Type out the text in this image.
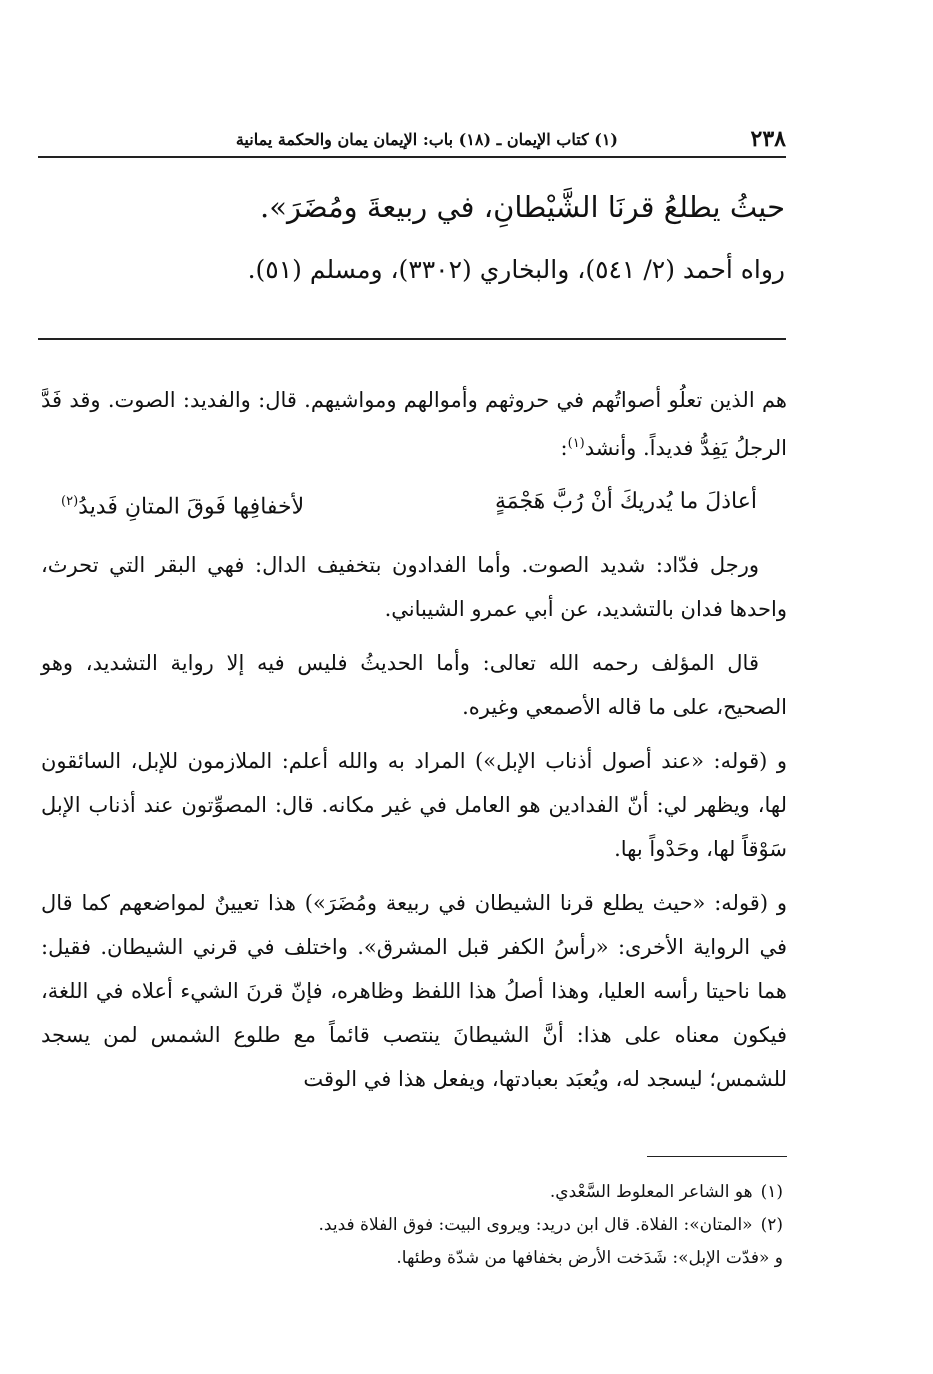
٢٣٨
(١) كتاب الإيمان ـ (١٨) باب: الإيمان يمان والحكمة يمانية
حيثُ يطلعُ قرنَا الشَّيْطانِ، في ربيعةَ ومُضَرَ».
رواه أحمد (٢/ ٥٤١)، والبخاري (٣٣٠٢)، ومسلم (٥١).

هم الذين تعلُو أصواتُهم في حروثهم وأموالهم ومواشيهم. قال: والفديد: الصوت. وقد فَدَّ الرجلُ يَفِدُّ فديداً. وأنشد$^{(١)}$:

أعاذلَ ما يُدريكَ أنْ رُبَّ هَجْمَةٍ
لأخفافِها فَوقَ المتانِ فَديدُ$^{(٢)}$

ورجل فدّاد: شديد الصوت. وأما الفدادون بتخفيف الدال: فهي البقر التي تحرث، واحدها فدان بالتشديد، عن أبي عمرو الشيباني.

قال المؤلف رحمه الله تعالى: وأما الحديثُ فليس فيه إلا رواية التشديد، وهو الصحيح، على ما قاله الأصمعي وغيره.

و (قوله: «عند أصول أذناب الإبل») المراد به والله أعلم: الملازمون للإبل، السائقون لها، ويظهر لي: أنّ الفدادين هو العامل في غير مكانه. قال: المصوِّتون عند أذناب الإبل سَوْقاً لها، وحَدْواً بها.

و (قوله: «حيث يطلع قرنا الشيطان في ربيعة ومُضَرَ») هذا تعيينٌ لمواضعهم كما قال في الرواية الأخرى: «رأسُ الكفر قبل المشرق». واختلف في قرني الشيطان. فقيل: هما ناحيتا رأسه العليا، وهذا أصلُ هذا اللفظ وظاهره، فإنّ قرنَ الشيء أعلاه في اللغة، فيكون معناه على هذا: أنَّ الشيطانَ ينتصب قائماً مع طلوع الشمس لمن يسجد للشمس؛ ليسجد له، ويُعبَد بعبادتها، ويفعل هذا في الوقت

(١)هو الشاعر المعلوط السَّعْدي.
(٢)«المتان»: الفلاة. قال ابن دريد: ويروى البيت: فوق الفلاة فديد.
و «فدّت الإبل»: شَدَخت الأرض بخفافها من شدّة وطئها.
